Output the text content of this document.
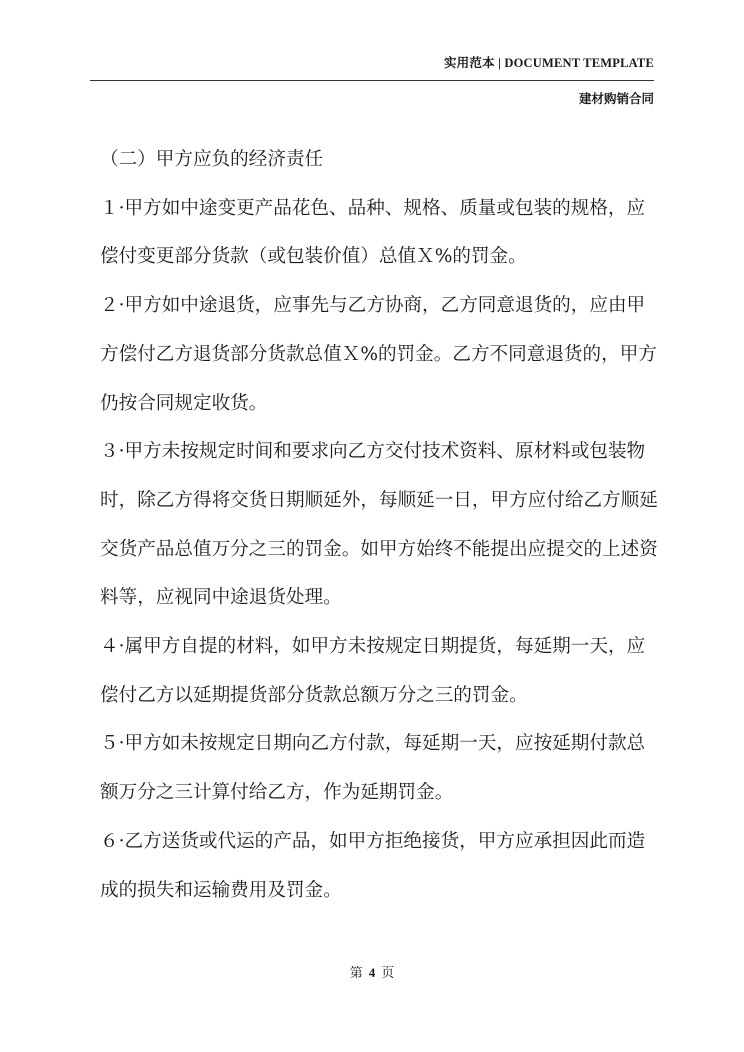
实用范本 | DOCUMENT TEMPLATE
建材购销合同

（二）甲方应负的经济责任

１·甲方如中途变更产品花色、品种、规格、质量或包装的规格，应偿付变更部分货款（或包装价值）总值Ｘ%的罚金。

２·甲方如中途退货，应事先与乙方协商，乙方同意退货的，应由甲方偿付乙方退货部分货款总值Ｘ%的罚金。乙方不同意退货的，甲方仍按合同规定收货。

３·甲方未按规定时间和要求向乙方交付技术资料、原材料或包装物时，除乙方得将交货日期顺延外，每顺延一日，甲方应付给乙方顺延交货产品总值万分之三的罚金。如甲方始终不能提出应提交的上述资料等，应视同中途退货处理。

４·属甲方自提的材料，如甲方未按规定日期提货，每延期一天，应偿付乙方以延期提货部分货款总额万分之三的罚金。

５·甲方如未按规定日期向乙方付款，每延期一天，应按延期付款总额万分之三计算付给乙方，作为延期罚金。

６·乙方送货或代运的产品，如甲方拒绝接货，甲方应承担因此而造成的损失和运输费用及罚金。

第 4 页
